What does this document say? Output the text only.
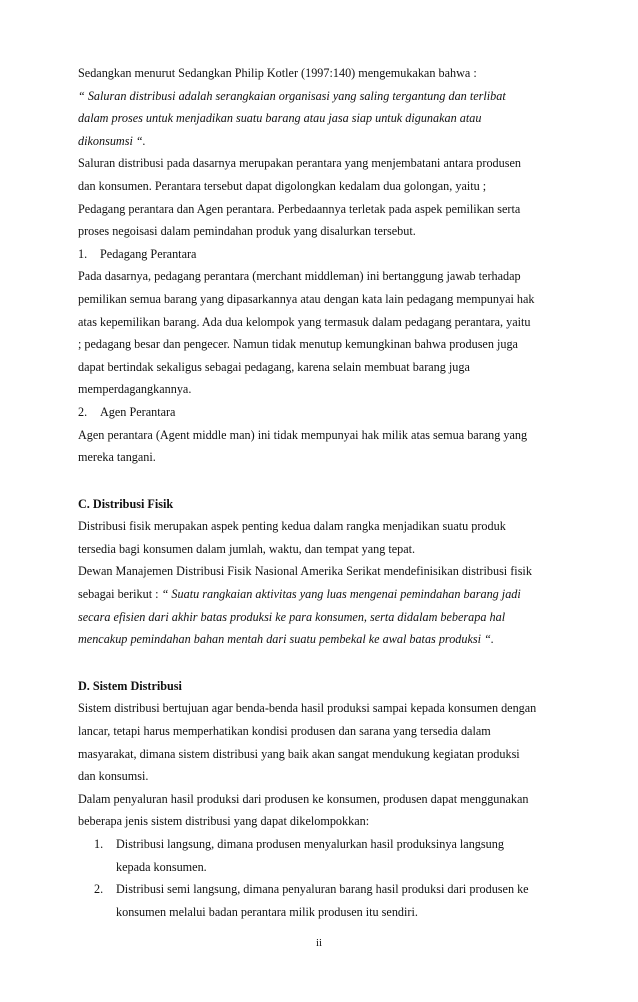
Sedangkan menurut Sedangkan Philip Kotler (1997:140) mengemukakan bahwa :
“ Saluran distribusi adalah serangkaian organisasi yang saling tergantung dan terlibat
dalam proses untuk menjadikan suatu barang atau jasa siap untuk digunakan atau
dikonsumsi “.
Saluran distribusi pada dasarnya merupakan perantara yang menjembatani antara produsen
dan konsumen. Perantara tersebut dapat digolongkan kedalam dua golongan, yaitu ;
Pedagang perantara dan Agen perantara. Perbedaannya terletak pada aspek pemilikan serta
proses negoisasi dalam pemindahan produk yang disalurkan tersebut.
1. Pedagang Perantara
Pada dasarnya, pedagang perantara (merchant middleman) ini bertanggung jawab terhadap
pemilikan semua barang yang dipasarkannya atau dengan kata lain pedagang mempunyai hak
atas kepemilikan barang. Ada dua kelompok yang termasuk dalam pedagang perantara, yaitu
; pedagang besar dan pengecer. Namun tidak menutup kemungkinan bahwa produsen juga
dapat bertindak sekaligus sebagai pedagang, karena selain membuat barang juga
memperdagangkannya.
2. Agen Perantara
Agen perantara (Agent middle man) ini tidak mempunyai hak milik atas semua barang yang
mereka tangani.
C. Distribusi Fisik
Distribusi fisik merupakan aspek penting kedua dalam rangka menjadikan suatu produk
tersedia bagi konsumen dalam jumlah, waktu, dan tempat yang tepat.
Dewan Manajemen Distribusi Fisik Nasional Amerika Serikat mendefinisikan distribusi fisik
sebagai berikut : “ Suatu rangkaian aktivitas yang luas mengenai pemindahan barang jadi
secara efisien dari akhir batas produksi ke para konsumen, serta didalam beberapa hal
mencakup pemindahan bahan mentah dari suatu pembekal ke awal batas produksi “.
D. Sistem Distribusi
Sistem distribusi bertujuan agar benda-benda hasil produksi sampai kepada konsumen dengan
lancar, tetapi harus memperhatikan kondisi produsen dan sarana yang tersedia dalam
masyarakat, dimana sistem distribusi yang baik akan sangat mendukung kegiatan produksi
dan konsumsi.
Dalam penyaluran hasil produksi dari produsen ke konsumen, produsen dapat menggunakan
beberapa jenis sistem distribusi yang dapat dikelompokkan:
1. Distribusi langsung, dimana produsen menyalurkan hasil produksinya langsung
kepada konsumen.
2. Distribusi semi langsung, dimana penyaluran barang hasil produksi dari produsen ke
konsumen melalui badan perantara milik produsen itu sendiri.
ii
